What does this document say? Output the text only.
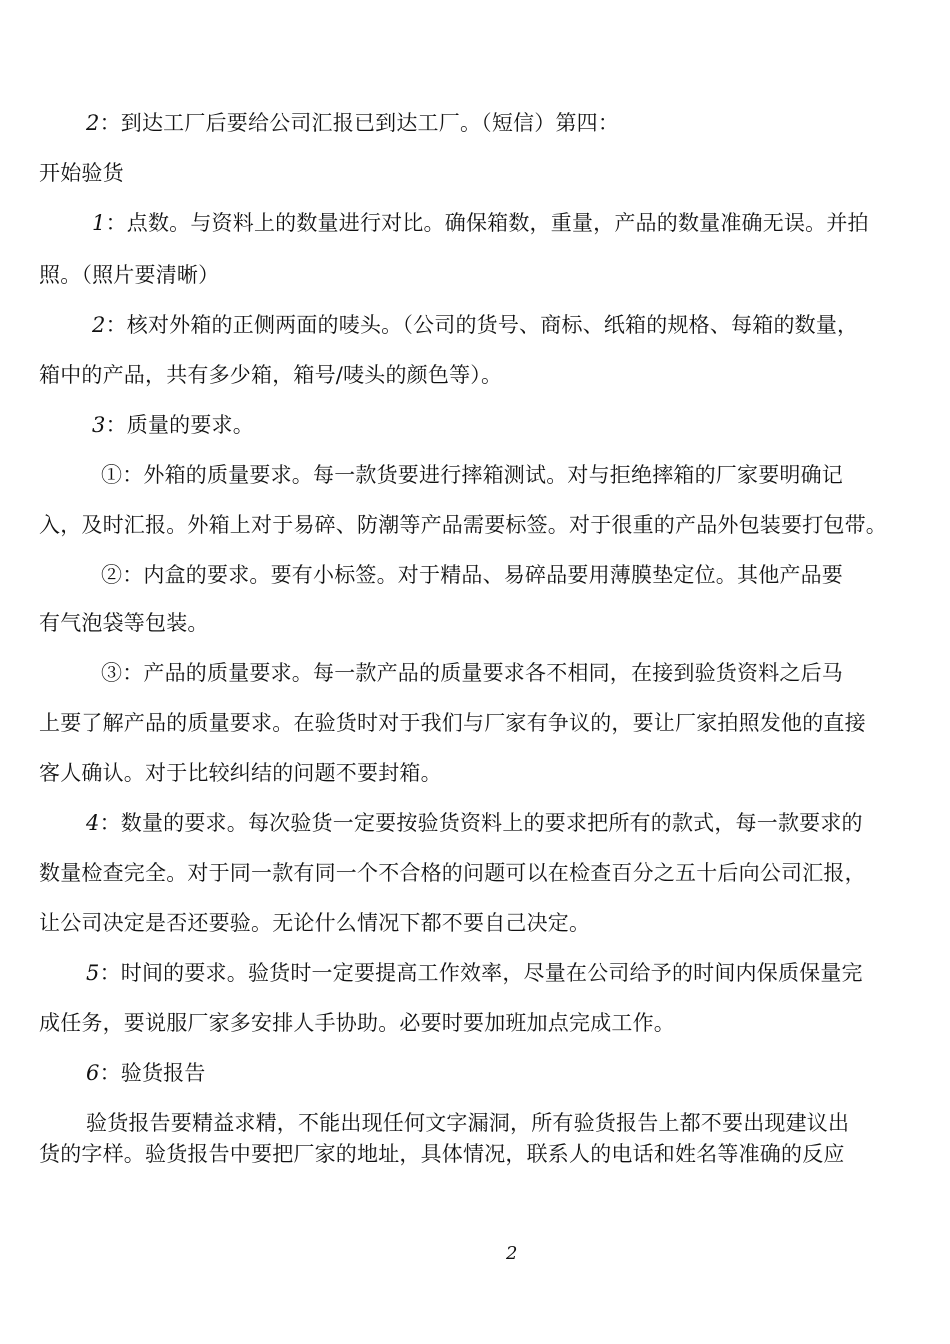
2：到达工厂后要给公司汇报已到达工厂。（短信）第四：
开始验货
1：点数。与资料上的数量进行对比。确保箱数，重量，产品的数量准确无误。并拍
照。（照片要清晰）
2：核对外箱的正侧两面的唛头。（公司的货号、商标、纸箱的规格、每箱的数量，
箱中的产品，共有多少箱，箱号/唛头的颜色等）。
3：质量的要求。
①：外箱的质量要求。每一款货要进行摔箱测试。对与拒绝摔箱的厂家要明确记
入，及时汇报。外箱上对于易碎、防潮等产品需要标签。对于很重的产品外包装要打包带。
②：内盒的要求。要有小标签。对于精品、易碎品要用薄膜垫定位。其他产品要
有气泡袋等包装。
③：产品的质量要求。每一款产品的质量要求各不相同，在接到验货资料之后马
上要了解产品的质量要求。在验货时对于我们与厂家有争议的，要让厂家拍照发他的直接
客人确认。对于比较纠结的问题不要封箱。
4：数量的要求。每次验货一定要按验货资料上的要求把所有的款式，每一款要求的
数量检查完全。对于同一款有同一个不合格的问题可以在检查百分之五十后向公司汇报，
让公司决定是否还要验。无论什么情况下都不要自己决定。
5：时间的要求。验货时一定要提高工作效率，尽量在公司给予的时间内保质保量完
成任务，要说服厂家多安排人手协助。必要时要加班加点完成工作。
6：验货报告
验货报告要精益求精，不能出现任何文字漏洞，所有验货报告上都不要出现建议出
货的字样。验货报告中要把厂家的地址，具体情况，联系人的电话和姓名等准确的反应
2
